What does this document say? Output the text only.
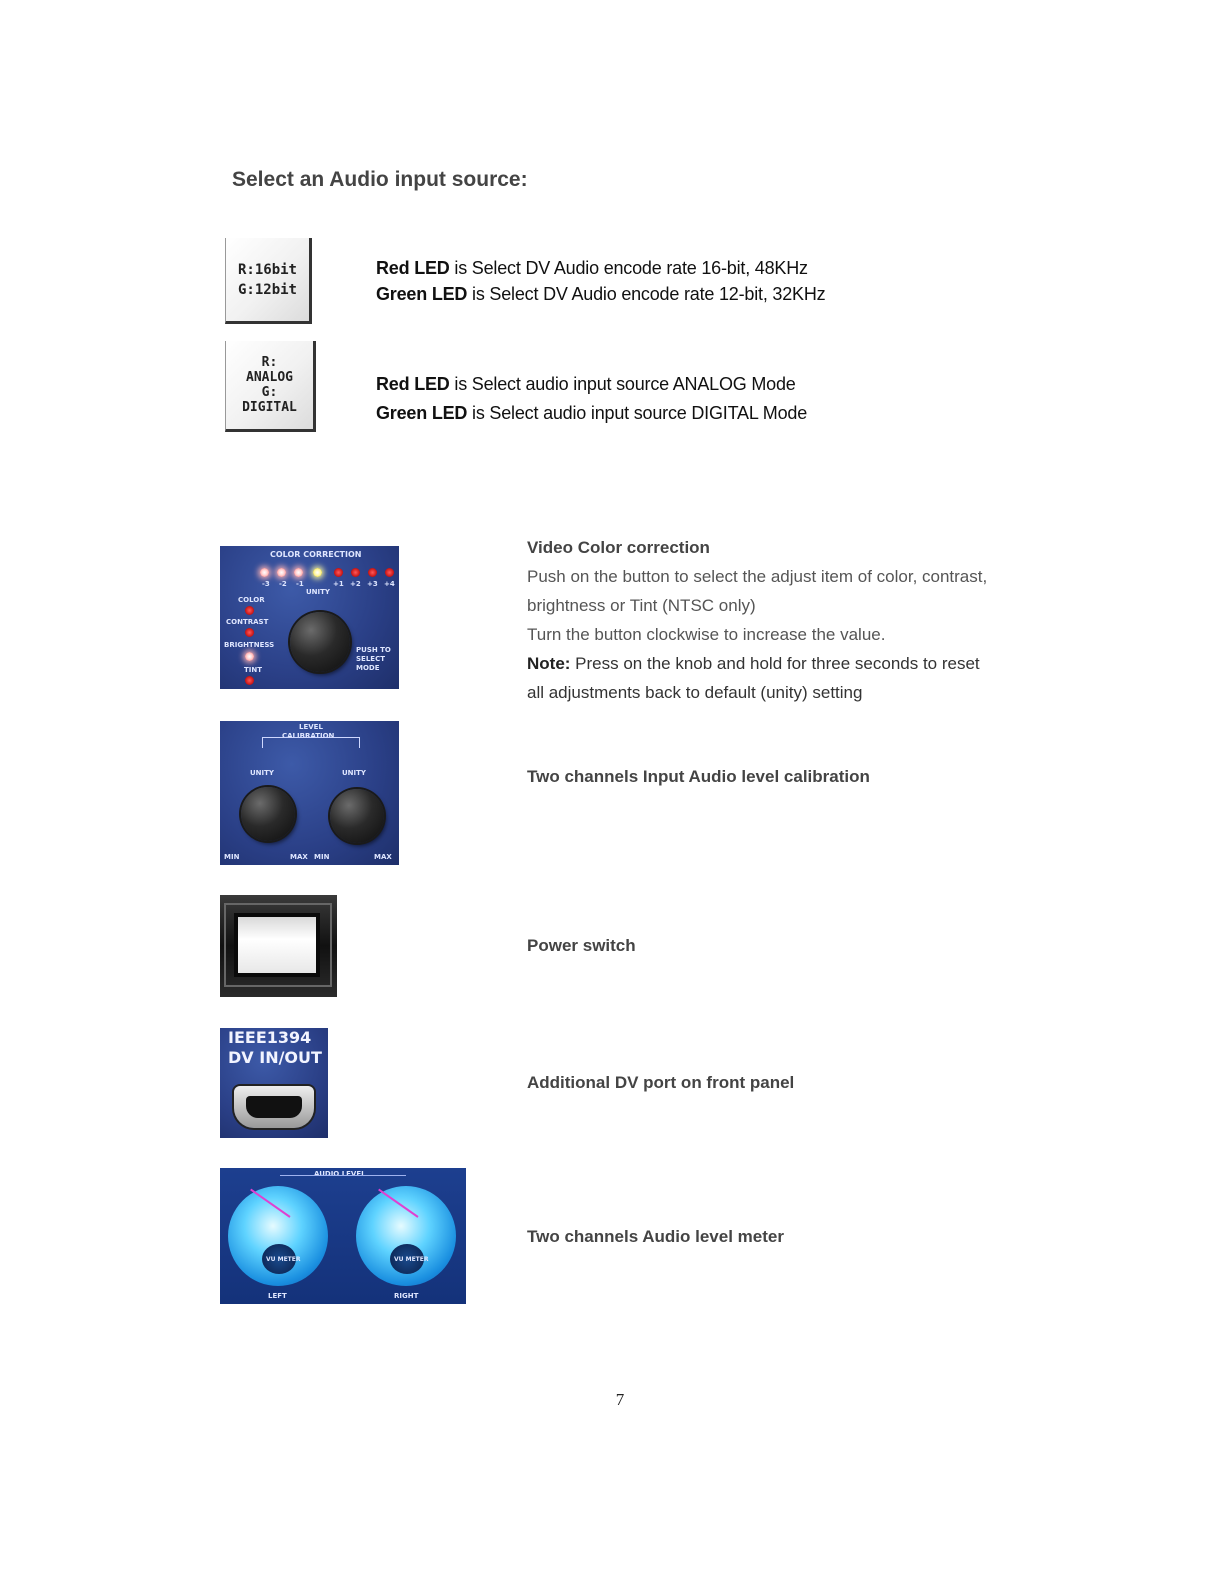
Select an Audio input source:
R:16bit
G:12bit
Red LED is Select DV Audio encode rate 16-bit, 48KHz
Green LED is Select DV Audio encode rate 12-bit, 32KHz
R:
ANALOG
G:
DIGITAL
Red LED is Select audio input source ANALOG Mode
Green LED is Select audio input source DIGITAL Mode
COLOR CORRECTION
-3 -2 -1	+1 +2 +3 +4
UNITY
COLOR
CONTRAST
BRIGHTNESS
TINT
PUSH TO SELECT MODE
Video Color correction
Push on the button to select the adjust item of color, contrast,
brightness or Tint (NTSC only)
Turn the button clockwise to increase the value.
Note: Press on the knob and hold for three seconds to reset
all adjustments back to default (unity) setting
LEVEL
CALIBRATION
UNITY	UNITY
MIN	MAX MIN	MAX
Two channels Input Audio level calibration
Power switch
IEEE1394
DV IN/OUT
Additional DV port on front panel
AUDIO LEVEL
VU METER	VU METER
LEFT	RIGHT
Two channels Audio level meter
7
